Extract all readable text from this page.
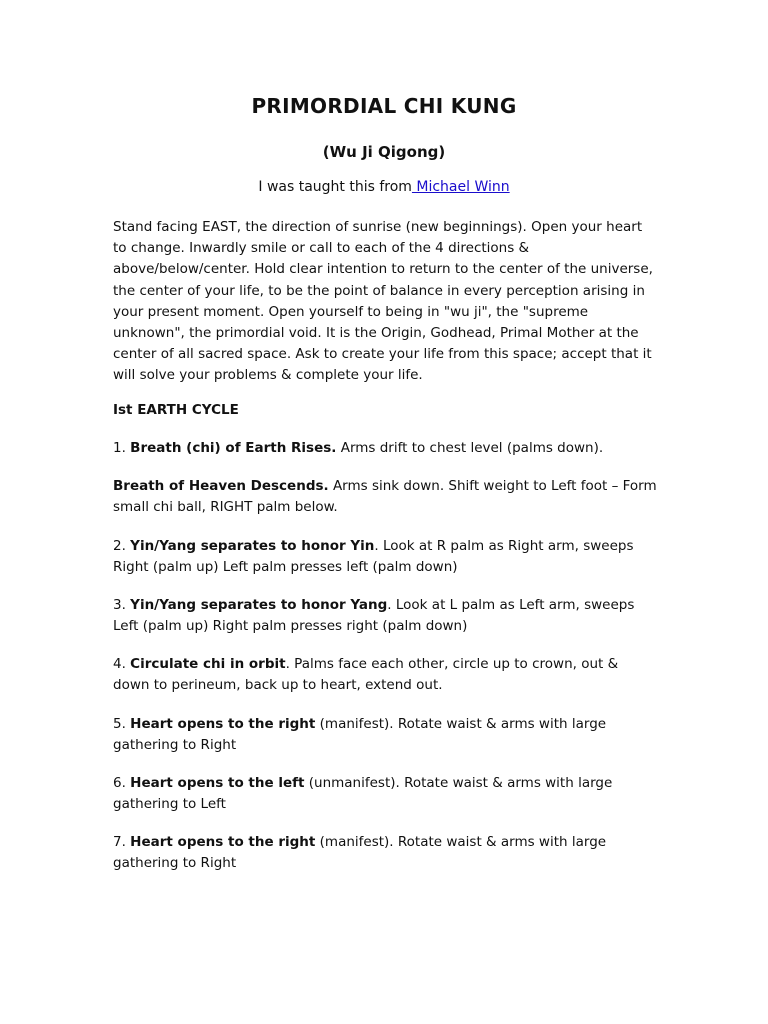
PRIMORDIAL CHI KUNG
(Wu Ji Qigong)
I was taught this from Michael Winn
Stand facing EAST, the direction of sunrise (new beginnings). Open your heart to change. Inwardly smile or call to each of the 4 directions & above/below/center. Hold clear intention to return to the center of the universe, the center of your life, to be the point of balance in every perception arising in your present moment. Open yourself to being in "wu ji", the "supreme unknown", the primordial void. It is the Origin, Godhead, Primal Mother at the center of all sacred space. Ask to create your life from this space; accept that it will solve your problems & complete your life.
Ist EARTH CYCLE
1. Breath (chi) of Earth Rises. Arms drift to chest level (palms down).
Breath of Heaven Descends. Arms sink down. Shift weight to Left foot – Form small chi ball, RIGHT palm below.
2. Yin/Yang separates to honor Yin. Look at R palm as Right arm, sweeps Right (palm up) Left palm presses left (palm down)
3. Yin/Yang separates to honor Yang. Look at L palm as Left arm, sweeps Left (palm up) Right palm presses right (palm down)
4. Circulate chi in orbit. Palms face each other, circle up to crown, out & down to perineum, back up to heart, extend out.
5. Heart opens to the right (manifest). Rotate waist & arms with large gathering to Right
6. Heart opens to the left (unmanifest). Rotate waist & arms with large gathering to Left
7. Heart opens to the right (manifest). Rotate waist & arms with large gathering to Right
